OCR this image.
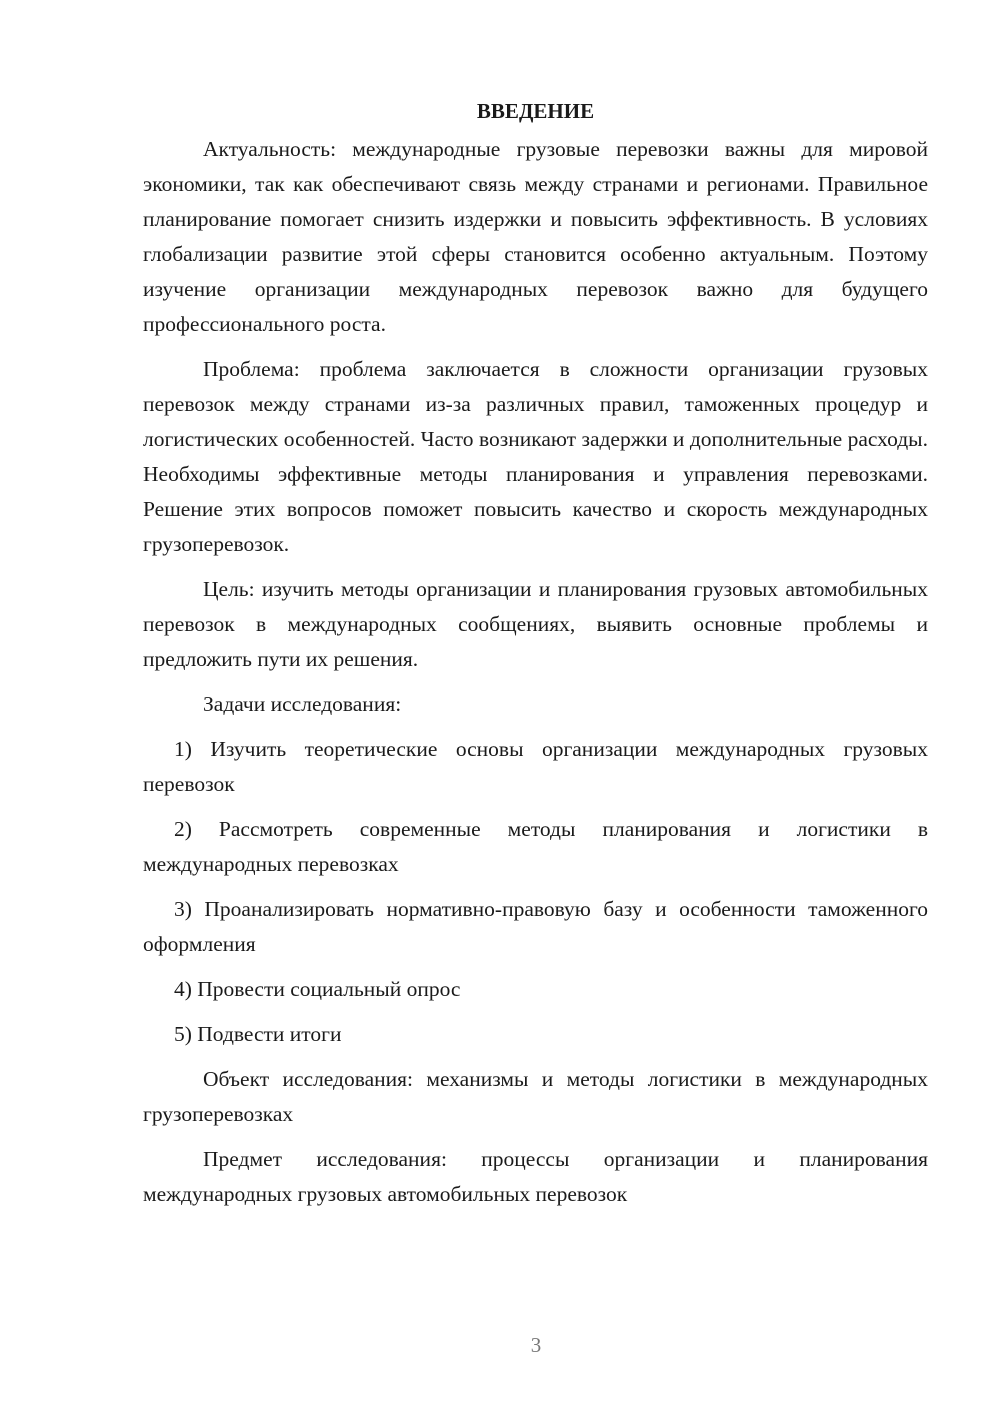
ВВЕДЕНИЕ

Актуальность: международные грузовые перевозки важны для мировой экономики, так как обеспечивают связь между странами и регионами. Правильное планирование помогает снизить издержки и повысить эффективность. В условиях глобализации развитие этой сферы становится особенно актуальным. Поэтому изучение организации международных перевозок важно для будущего профессионального роста.

Проблема: проблема заключается в сложности организации грузовых перевозок между странами из-за различных правил, таможенных процедур и логистических особенностей. Часто возникают задержки и дополнительные расходы. Необходимы эффективные методы планирования и управления перевозками. Решение этих вопросов поможет повысить качество и скорость международных грузоперевозок.

Цель: изучить методы организации и планирования грузовых автомобильных перевозок в международных сообщениях, выявить основные проблемы и предложить пути их решения.

Задачи исследования:

1) Изучить теоретические основы организации международных грузовых перевозок

2) Рассмотреть современные методы планирования и логистики в международных перевозках

3) Проанализировать нормативно-правовую базу и особенности таможенного оформления

4) Провести социальный опрос

5) Подвести итоги

Объект исследования: механизмы и методы логистики в международных грузоперевозках

Предмет исследования: процессы организации и планирования международных грузовых автомобильных перевозок

3
